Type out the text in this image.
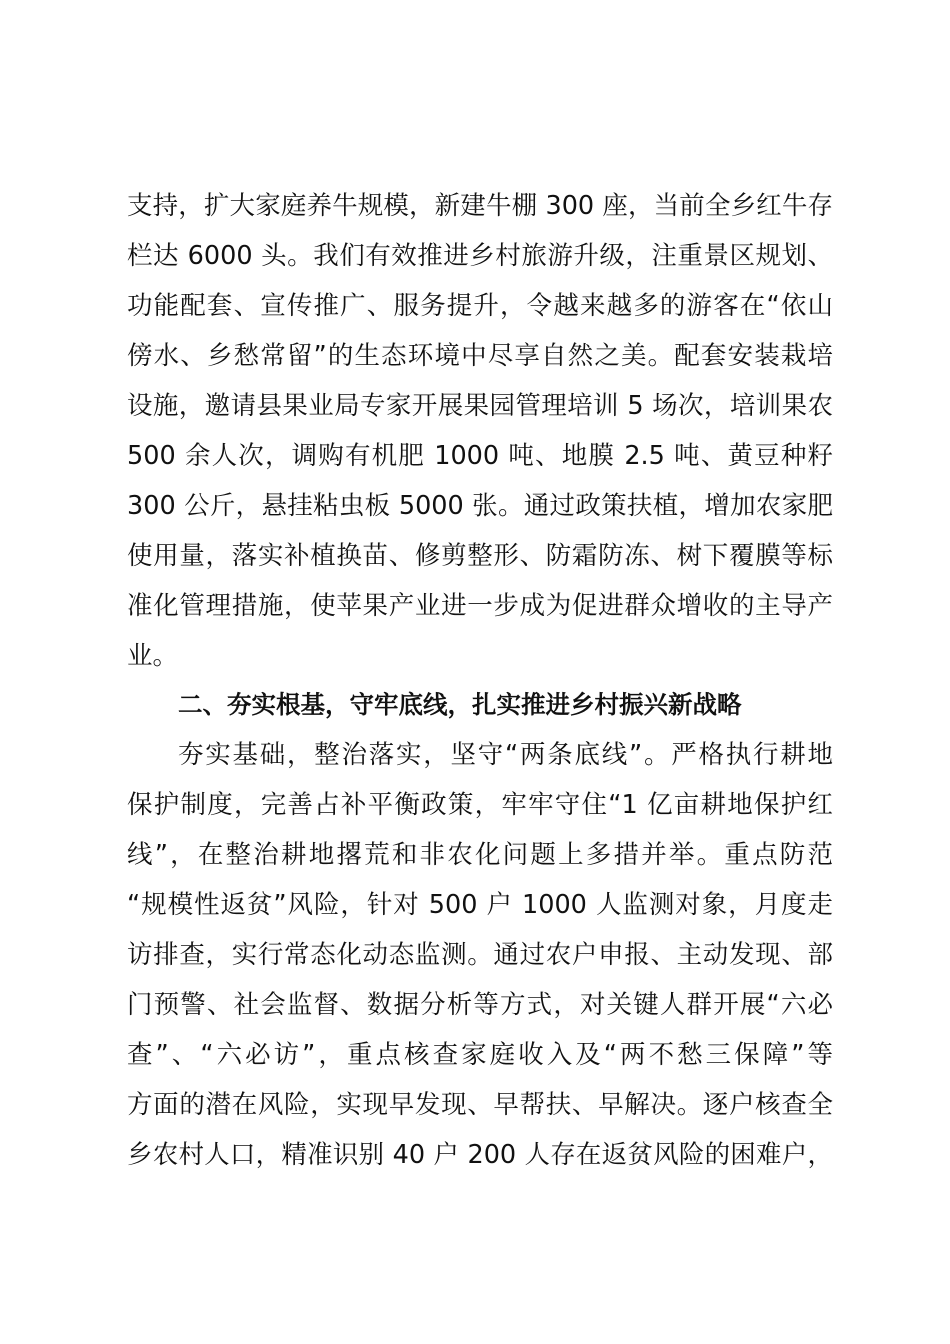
支持，扩大家庭养牛规模，新建牛棚 300 座，当前全乡红牛存
栏达 6000 头。我们有效推进乡村旅游升级，注重景区规划、
功能配套、宣传推广、服务提升，令越来越多的游客在“依山
傍水、乡愁常留”的生态环境中尽享自然之美。配套安装栽培
设施，邀请县果业局专家开展果园管理培训 5 场次，培训果农
500 余人次，调购有机肥 1000 吨、地膜 2.5 吨、黄豆种籽
300 公斤，悬挂粘虫板 5000 张。通过政策扶植，增加农家肥
使用量，落实补植换苗、修剪整形、防霜防冻、树下覆膜等标
准化管理措施，使苹果产业进一步成为促进群众增收的主导产
业。
二、夯实根基，守牢底线，扎实推进乡村振兴新战略
夯实基础，整治落实，坚守“两条底线”。严格执行耕地
保护制度，完善占补平衡政策，牢牢守住“1 亿亩耕地保护红
线”，在整治耕地撂荒和非农化问题上多措并举。重点防范
“规模性返贫”风险，针对 500 户 1000 人监测对象，月度走
访排查，实行常态化动态监测。通过农户申报、主动发现、部
门预警、社会监督、数据分析等方式，对关键人群开展“六必
查”、“六必访”，重点核查家庭收入及“两不愁三保障”等
方面的潜在风险，实现早发现、早帮扶、早解决。逐户核查全
乡农村人口，精准识别 40 户 200 人存在返贫风险的困难户，
